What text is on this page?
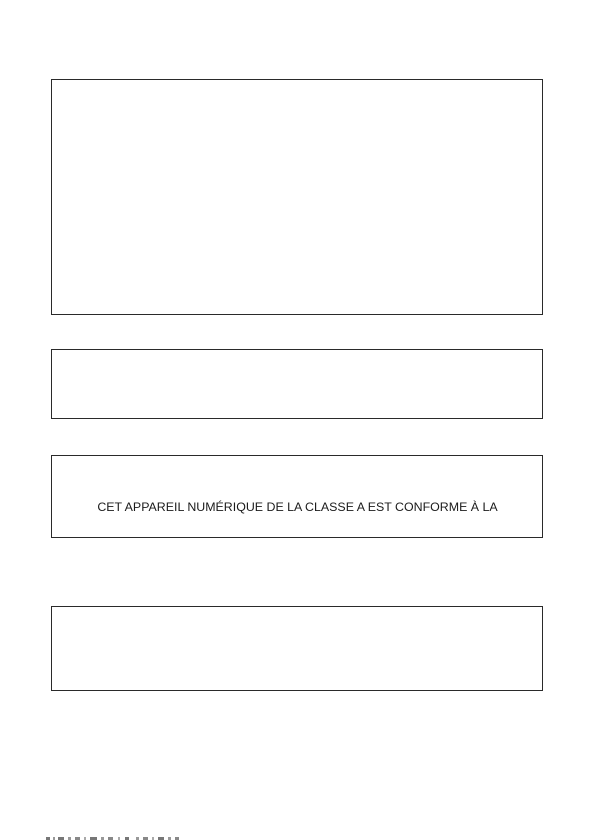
CET APPAREIL NUMÉRIQUE DE LA CLASSE A EST CONFORME À LA
